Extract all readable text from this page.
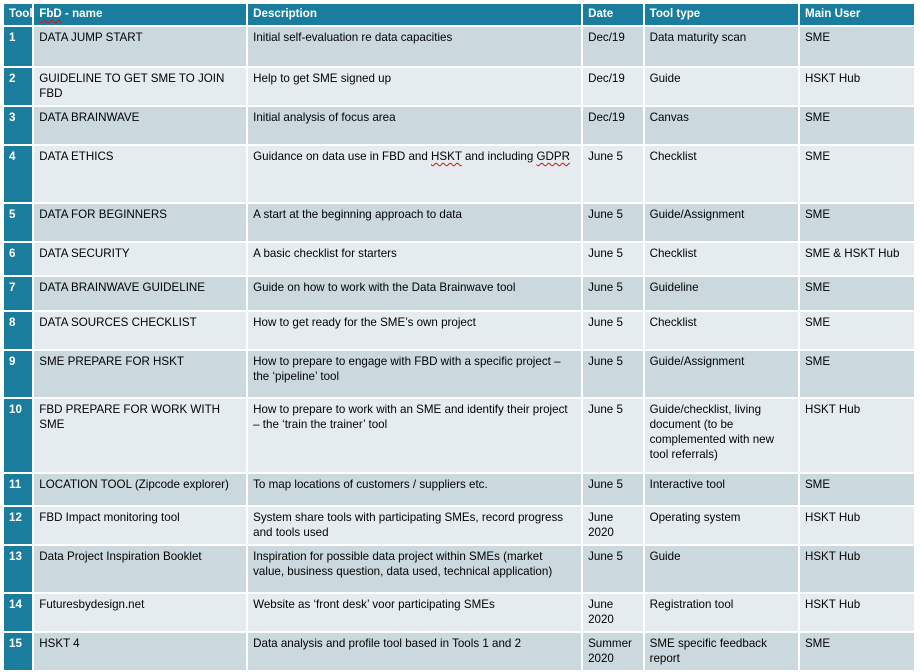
Tool	FbD - name	Description	Date	Tool type	Main User
1	DATA JUMP START	Initial self-evaluation re data capacities	Dec/19	Data maturity scan	SME
2	GUIDELINE TO GET SME TO JOIN FBD	Help to get SME signed up	Dec/19	Guide	HSKT Hub
3	DATA BRAINWAVE	Initial analysis of focus area	Dec/19	Canvas	SME
4	DATA ETHICS	Guidance on data use in FBD and HSKT and including GDPR	June 5	Checklist	SME
5	DATA FOR BEGINNERS	A start at the beginning approach to data	June 5	Guide/Assignment	SME
6	DATA SECURITY	A basic checklist for starters	June 5	Checklist	SME & HSKT Hub
7	DATA BRAINWAVE GUIDELINE	Guide on how to work with the Data Brainwave tool	June 5	Guideline	SME
8	DATA SOURCES CHECKLIST	How to get ready for the SME’s own project	June 5	Checklist	SME
9	SME PREPARE FOR HSKT	How to prepare to engage with FBD with a specific project – the ‘pipeline’ tool	June 5	Guide/Assignment	SME
10	FBD PREPARE FOR WORK WITH SME	How to prepare to work with an SME and identify their project – the ‘train the trainer’ tool	June 5	Guide/checklist, living document (to be complemented with new tool referrals)	HSKT Hub
11	LOCATION TOOL (Zipcode explorer)	To map locations of customers / suppliers etc.	June 5	Interactive tool	SME
12	FBD Impact monitoring tool	System share tools with participating SMEs, record progress and tools used	June 2020	Operating system	HSKT Hub
13	Data Project Inspiration Booklet	Inspiration for possible data project within SMEs (market value, business question, data used, technical application)	June 5	Guide	HSKT Hub
14	Futuresbydesign.net	Website as ‘front desk’ voor participating SMEs	June 2020	Registration tool	HSKT Hub
15	HSKT 4	Data analysis and profile tool based in Tools 1 and 2	Summer 2020	SME specific feedback report	SME
